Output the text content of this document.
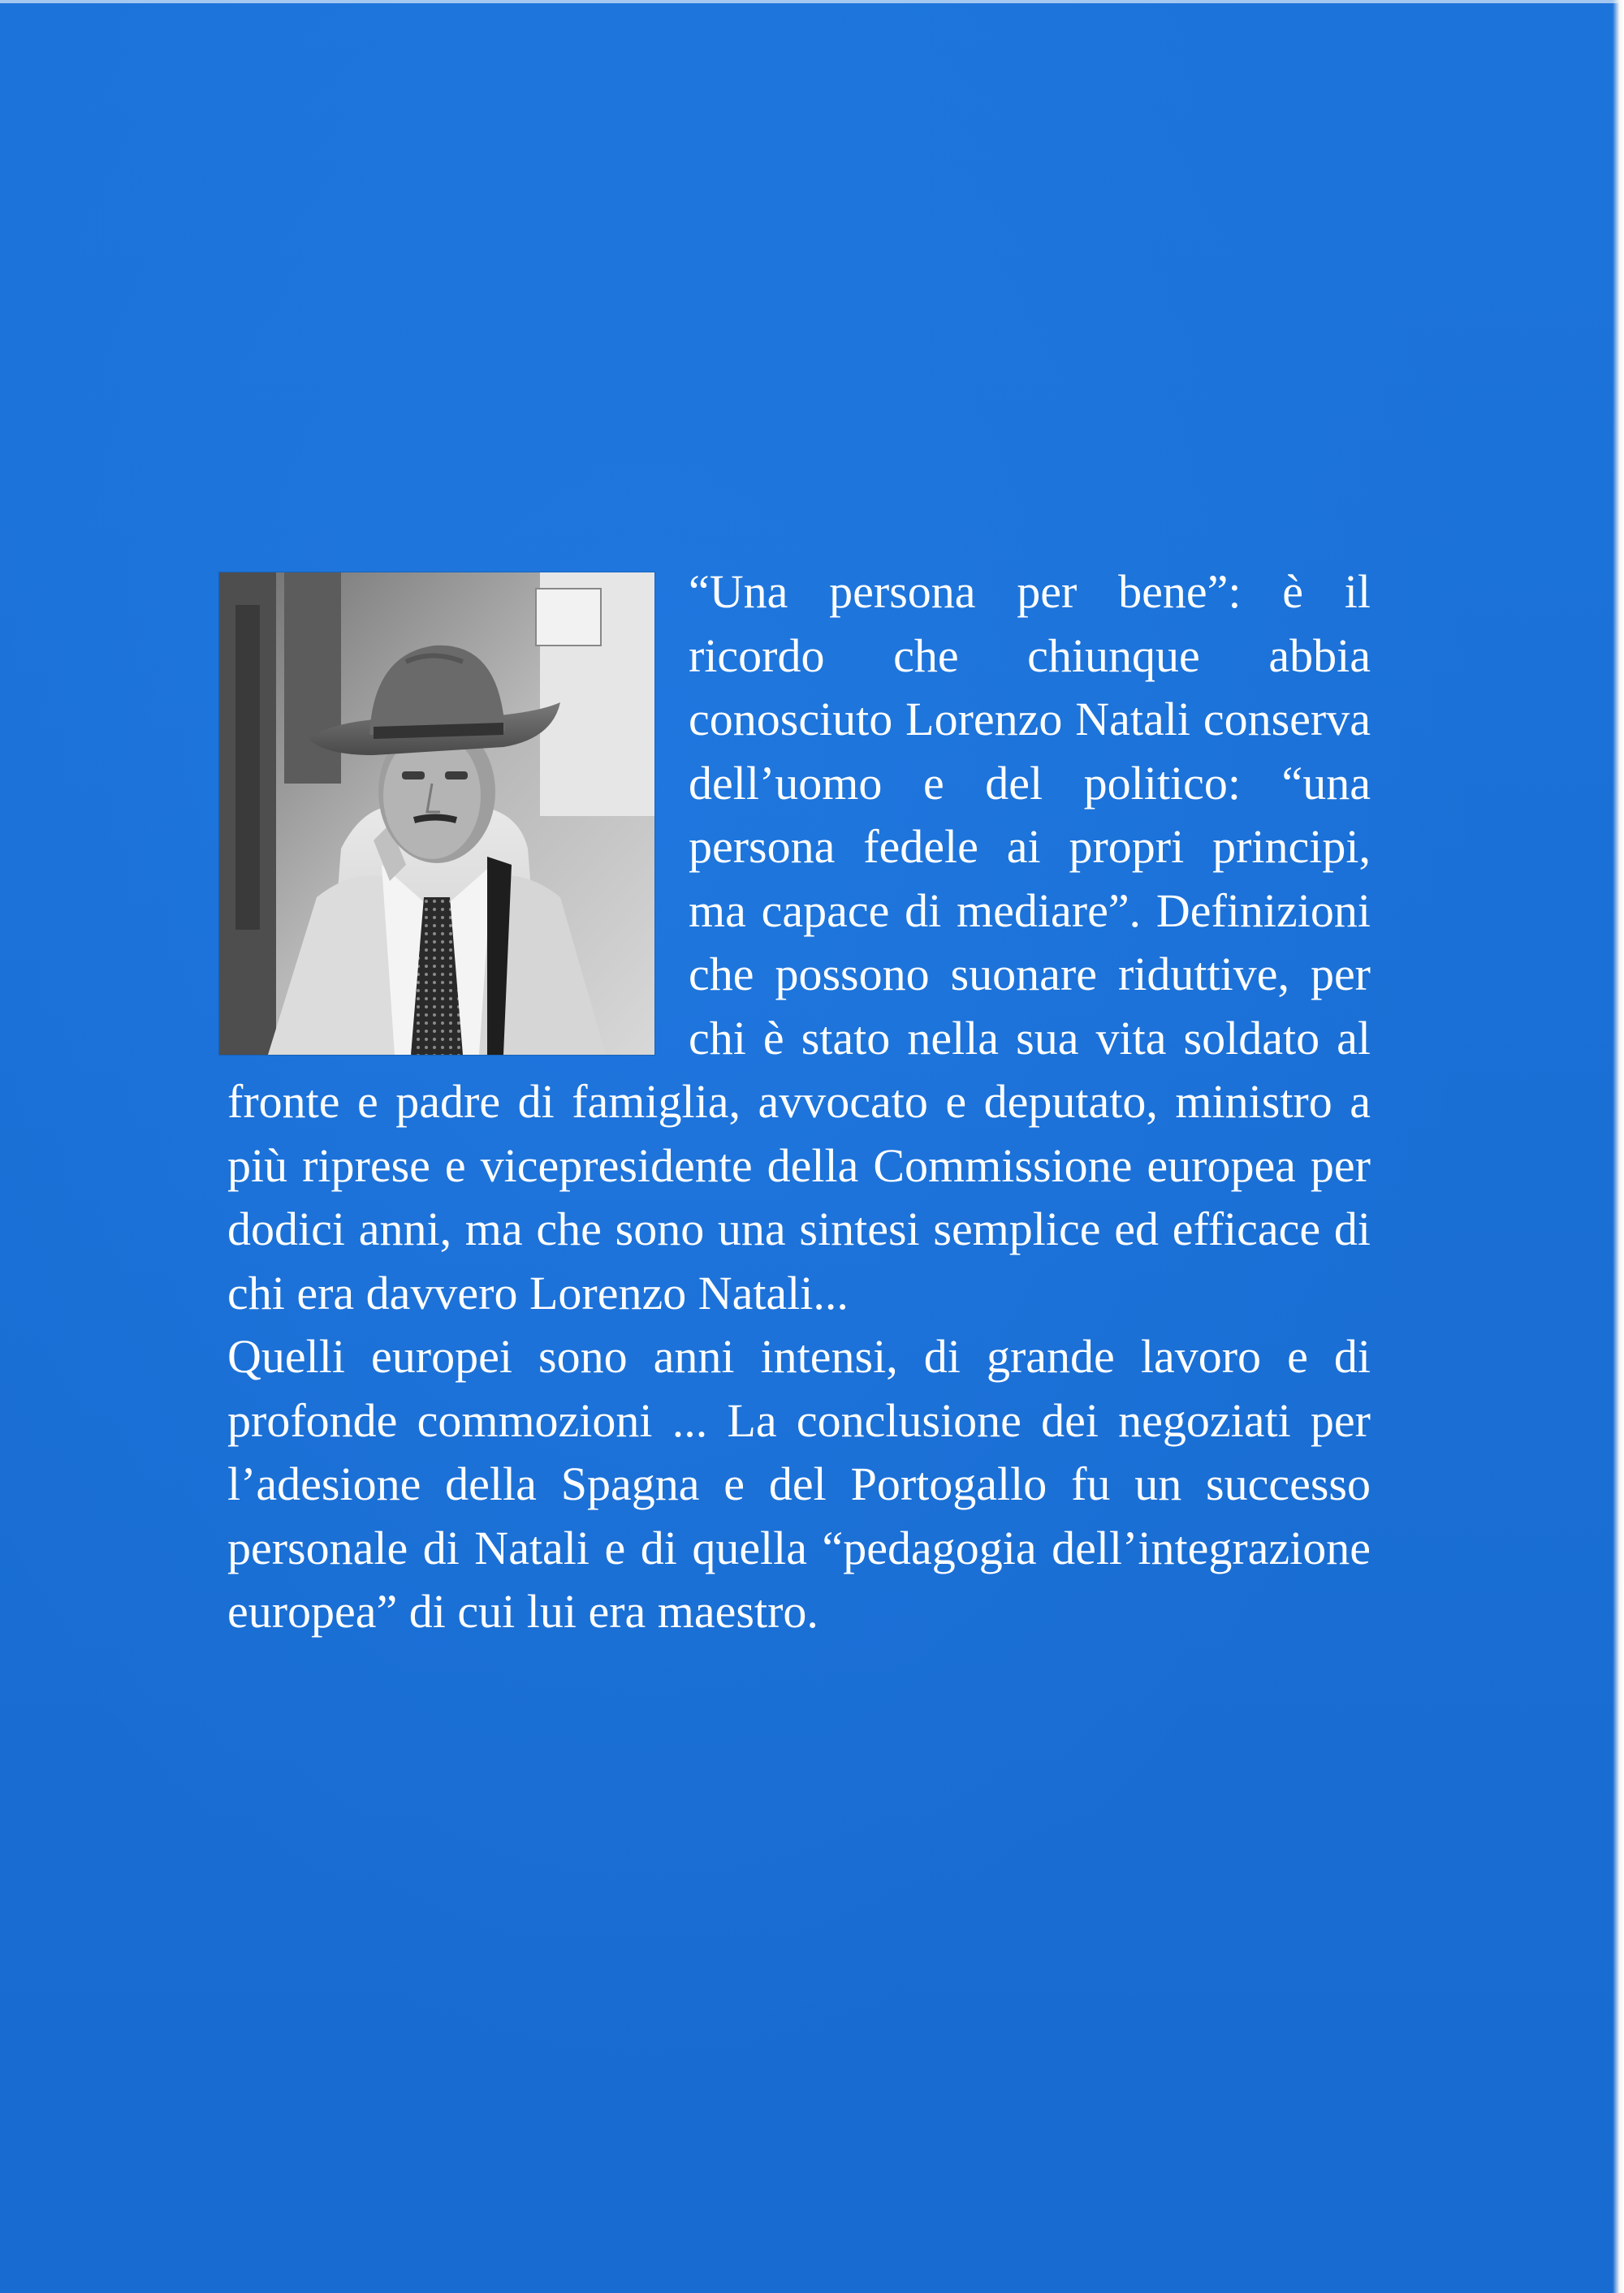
“Una persona per bene”: è il ricordo che chiunque abbia conosciuto Lorenzo Natali conserva dell’uomo e del politico: “una persona fedele ai propri principi, ma capace di mediare”. Definizioni che possono suonare riduttive, per chi è stato nella sua vita soldato al fronte e padre di famiglia, avvocato e deputato, ministro a più riprese e vicepresidente della Commissione europea per dodici anni, ma che sono una sintesi semplice ed efficace di chi era davvero Lorenzo Natali...

Quelli europei sono anni intensi, di grande lavoro e di profonde commozioni ... La conclusione dei negoziati per l’adesione della Spagna e del Portogallo fu un successo personale di Natali e di quella “pedagogia dell’integrazione europea” di cui lui era maestro.
